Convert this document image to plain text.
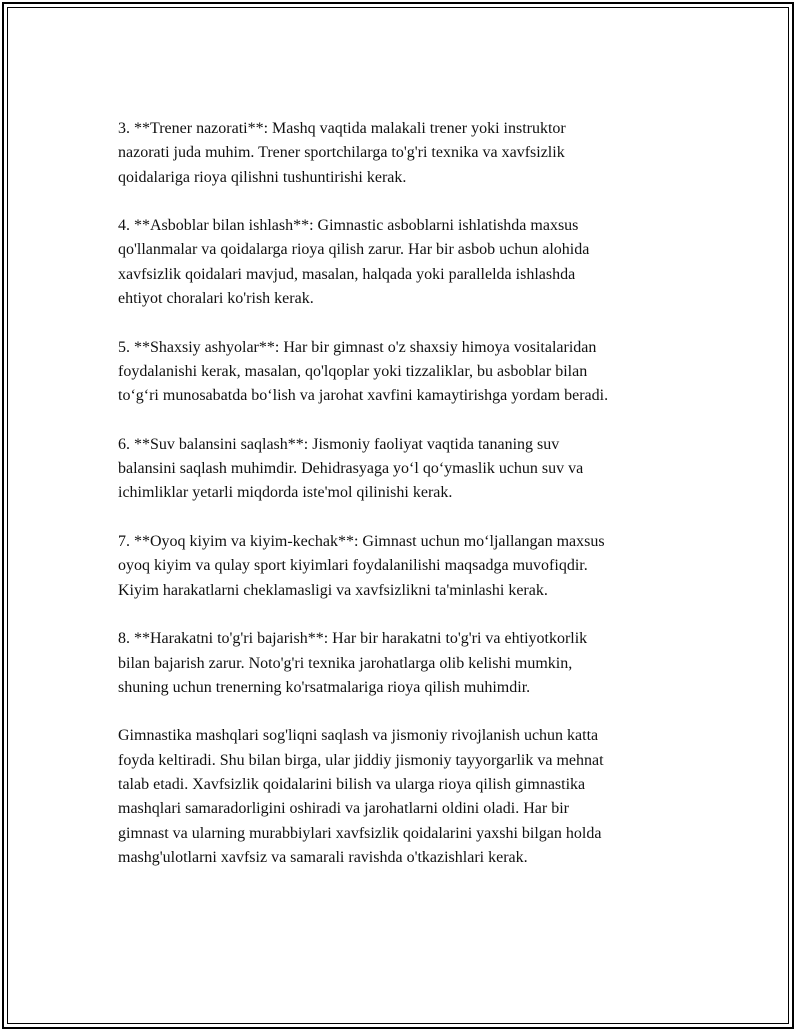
3. **Trener nazorati**: Mashq vaqtida malakali trener yoki instruktor
nazorati juda muhim. Trener sportchilarga to'g'ri texnika va xavfsizlik
qoidalariga rioya qilishni tushuntirishi kerak.

4. **Asboblar bilan ishlash**: Gimnastic asboblarni ishlatishda maxsus
qo'llanmalar va qoidalarga rioya qilish zarur. Har bir asbob uchun alohida
xavfsizlik qoidalari mavjud, masalan, halqada yoki parallelda ishlashda
ehtiyot choralari ko'rish kerak.

5. **Shaxsiy ashyolar**: Har bir gimnast o'z shaxsiy himoya vositalaridan
foydalanishi kerak, masalan, qo'lqoplar yoki tizzaliklar, bu asboblar bilan
to‘g‘ri munosabatda bo‘lish va jarohat xavfini kamaytirishga yordam beradi.

6. **Suv balansini saqlash**: Jismoniy faoliyat vaqtida tananing suv
balansini saqlash muhimdir. Dehidrasyaga yo‘l qo‘ymaslik uchun suv va
ichimliklar yetarli miqdorda iste'mol qilinishi kerak.

7. **Oyoq kiyim va kiyim-kechak**: Gimnast uchun mo‘ljallangan maxsus
oyoq kiyim va qulay sport kiyimlari foydalanilishi maqsadga muvofiqdir.
Kiyim harakatlarni cheklamasligi va xavfsizlikni ta'minlashi kerak.

8. **Harakatni to'g'ri bajarish**: Har bir harakatni to'g'ri va ehtiyotkorlik
bilan bajarish zarur. Noto'g'ri texnika jarohatlarga olib kelishi mumkin,
shuning uchun trenerning ko'rsatmalariga rioya qilish muhimdir.

Gimnastika mashqlari sog'liqni saqlash va jismoniy rivojlanish uchun katta
foyda keltiradi. Shu bilan birga, ular jiddiy jismoniy tayyorgarlik va mehnat
talab etadi. Xavfsizlik qoidalarini bilish va ularga rioya qilish gimnastika
mashqlari samaradorligini oshiradi va jarohatlarni oldini oladi. Har bir
gimnast va ularning murabbiylari xavfsizlik qoidalarini yaxshi bilgan holda
mashg'ulotlarni xavfsiz va samarali ravishda o'tkazishlari kerak.
